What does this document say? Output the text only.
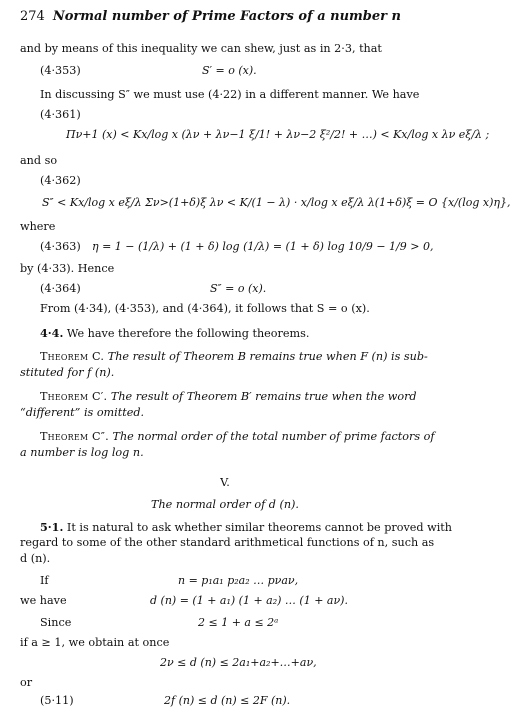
274 Normal number of Prime Factors of a number n
and by means of this inequality we can shew, just as in 2·3, that
(4·353)	S′ = o (x).
In discussing S″ we must use (4·22) in a different manner. We have
(4·361)
Πν+1 (x) < Kx/log x (λν + λν−1 ξ/1! + λν−2 ξ²/2! + …) < Kx/log x λν eξ/λ ;
and so
(4·362)
S″ < Kx/log x eξ/λ Σν>(1+δ)ξ λν < K/(1 − λ) · x/log x eξ/λ λ(1+δ)ξ = O {x/(log x)η},
where
(4·363) η = 1 − (1/λ) + (1 + δ) log (1/λ) = (1 + δ) log 10/9 − 1/9 > 0,
by (4·33). Hence
(4·364)	S″ = o (x).
From (4·34), (4·353), and (4·364), it follows that S = o (x).
4·4. We have therefore the following theorems.
Theorem C. The result of Theorem B remains true when F (n) is sub-
stituted for f (n).
Theorem C′. The result of Theorem B′ remains true when the word
“different” is omitted.
Theorem C″. The normal order of the total number of prime factors of
a number is log log n.
V.
The normal order of d (n).
5·1. It is natural to ask whether similar theorems cannot be proved with
regard to some of the other standard arithmetical functions of n, such as
d (n).
If	n = p₁a₁ p₂a₂ … pνaν,
we have	d (n) = (1 + a₁) (1 + a₂) … (1 + aν).
Since	2 ≤ 1 + a ≤ 2ᵃ
if a ≥ 1, we obtain at once
2ν ≤ d (n) ≤ 2a₁+a₂+…+aν,
or
(5·11)	2f (n) ≤ d (n) ≤ 2F (n).
